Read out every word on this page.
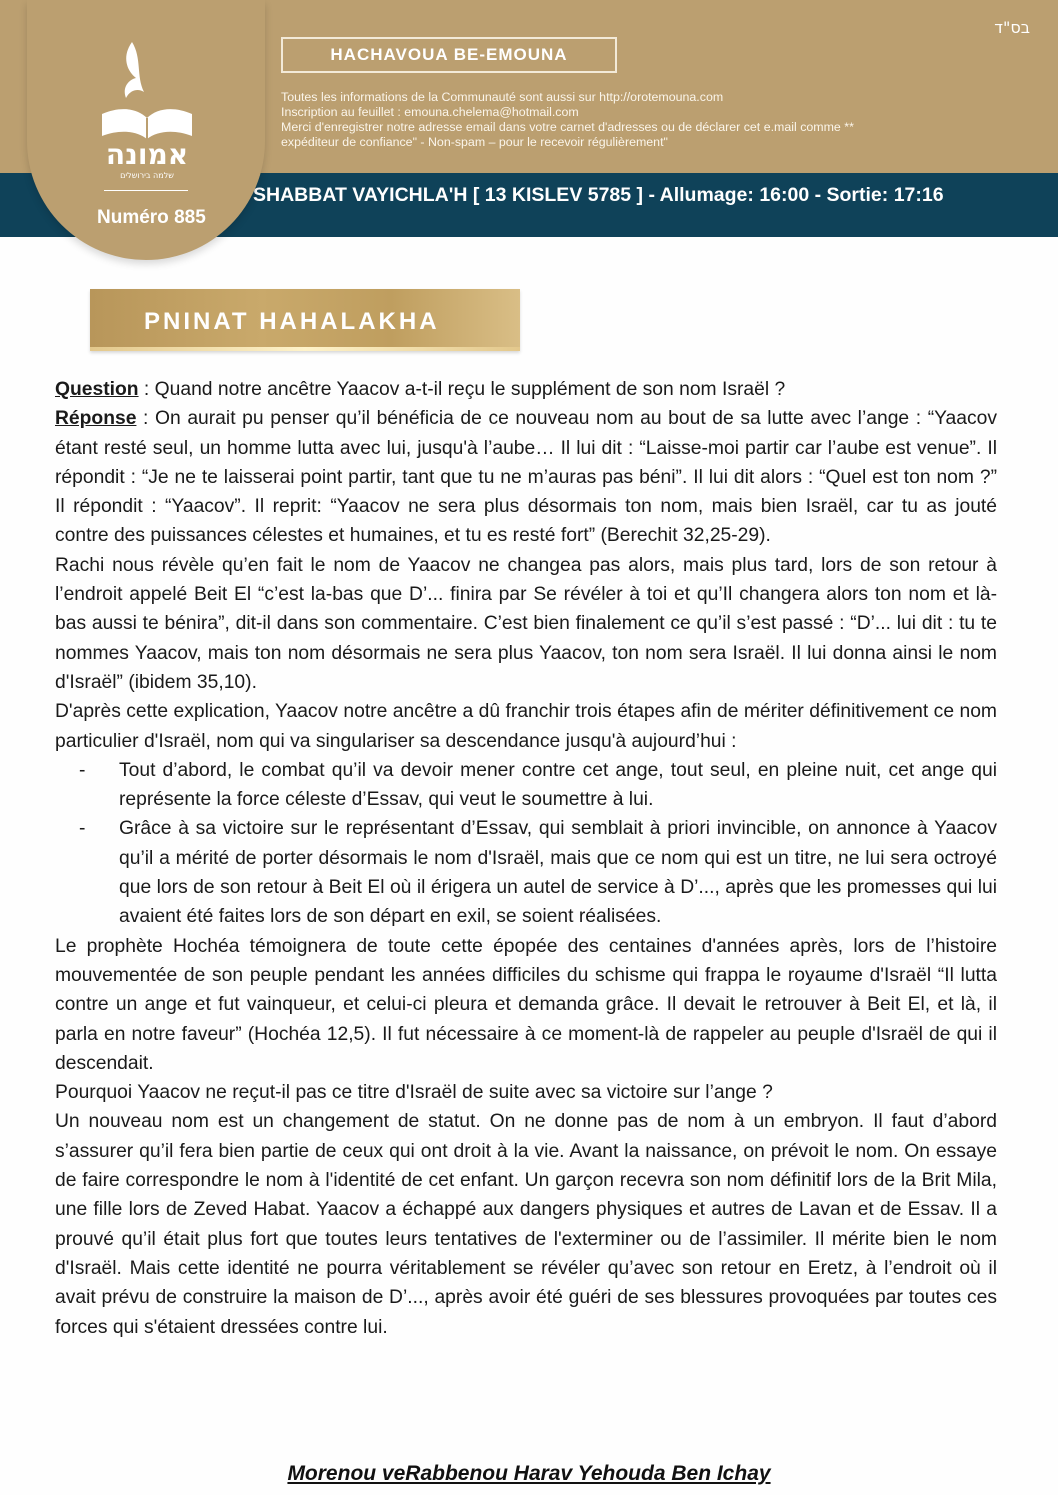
בס"ד
HACHAVOUA BE-EMOUNA
Toutes les informations de la Communauté sont aussi sur http://orotemouna.com
Inscription au feuillet : emouna.chelema@hotmail.com
Merci d'enregistrer notre adresse email dans votre carnet d'adresses ou de déclarer cet e.mail comme **
expéditeur de confiance" - Non-spam – pour le recevoir régulièrement"
SHABBAT VAYICHLA'H [ 13 KISLEV 5785 ] - Allumage: 16:00 - Sortie: 17:16
אמונה
שלמה בירושלים
Numéro 885
PNINAT HAHALAKHA

Question : Quand notre ancêtre Yaacov a-t-il reçu le supplément de son nom Israël ?

Réponse : On aurait pu penser qu’il bénéficia de ce nouveau nom au bout de sa lutte avec l’ange : “Yaacov étant resté seul, un homme lutta avec lui, jusqu'à l’aube… Il lui dit : “Laisse-moi partir car l’aube est venue”. Il répondit : “Je ne te laisserai point partir, tant que tu ne m’auras pas béni”. Il lui dit alors : “Quel est ton nom ?” Il répondit : “Yaacov”. Il reprit: “Yaacov ne sera plus désormais ton nom, mais bien Israël, car tu as jouté contre des puissances célestes et humaines, et tu es resté fort” (Berechit 32,25-29).

Rachi nous révèle qu’en fait le nom de Yaacov ne changea pas alors, mais plus tard, lors de son retour à l’endroit appelé Beit El “c’est la-bas que D’... finira par Se révéler à toi et qu’Il changera alors ton nom et là-bas aussi te bénira”, dit-il dans son commentaire. C’est bien finalement ce qu’il s’est passé : “D’... lui dit : tu te nommes Yaacov, mais ton nom désormais ne sera plus Yaacov, ton nom sera Israël. Il lui donna ainsi le nom d'Israël” (ibidem 35,10).

D'après cette explication, Yaacov notre ancêtre a dû franchir trois étapes afin de mériter définitivement ce nom particulier d'Israël, nom qui va singulariser sa descendance jusqu'à aujourd’hui :

-	Tout d’abord, le combat qu’il va devoir mener contre cet ange, tout seul, en pleine nuit, cet ange qui représente la force céleste d’Essav, qui veut le soumettre à lui.
-	Grâce à sa victoire sur le représentant d’Essav, qui semblait à priori invincible, on annonce à Yaacov qu’il a mérité de porter désormais le nom d'Israël, mais que ce nom qui est un titre, ne lui sera octroyé que lors de son retour à Beit El où il érigera un autel de service à D’..., après que les promesses qui lui avaient été faites lors de son départ en exil, se soient réalisées.

Le prophète Hochéa témoignera de toute cette épopée des centaines d'années après, lors de l’histoire mouvementée de son peuple pendant les années difficiles du schisme qui frappa le royaume d'Israël “Il lutta contre un ange et fut vainqueur, et celui-ci pleura et demanda grâce. Il devait le retrouver à Beit El, et là, il parla en notre faveur” (Hochéa 12,5). Il fut nécessaire à ce moment-là de rappeler au peuple d'Israël de qui il descendait.

Pourquoi Yaacov ne reçut-il pas ce titre d'Israël de suite avec sa victoire sur l’ange ?

Un nouveau nom est un changement de statut. On ne donne pas de nom à un embryon. Il faut d’abord s’assurer qu’il fera bien partie de ceux qui ont droit à la vie. Avant la naissance, on prévoit le nom. On essaye de faire correspondre le nom à l'identité de cet enfant. Un garçon recevra son nom définitif lors de la Brit Mila, une fille lors de Zeved Habat. Yaacov a échappé aux dangers physiques et autres de Lavan et de Essav. Il a prouvé qu’il était plus fort que toutes leurs tentatives de l'exterminer ou de l’assimiler. Il mérite bien le nom d'Israël. Mais cette identité ne pourra véritablement se révéler qu’avec son retour en Eretz, à l’endroit où il avait prévu de construire la maison de D’..., après avoir été guéri de ses blessures provoquées par toutes ces forces qui s'étaient dressées contre lui.

Morenou veRabbenou Harav Yehouda Ben Ichay
